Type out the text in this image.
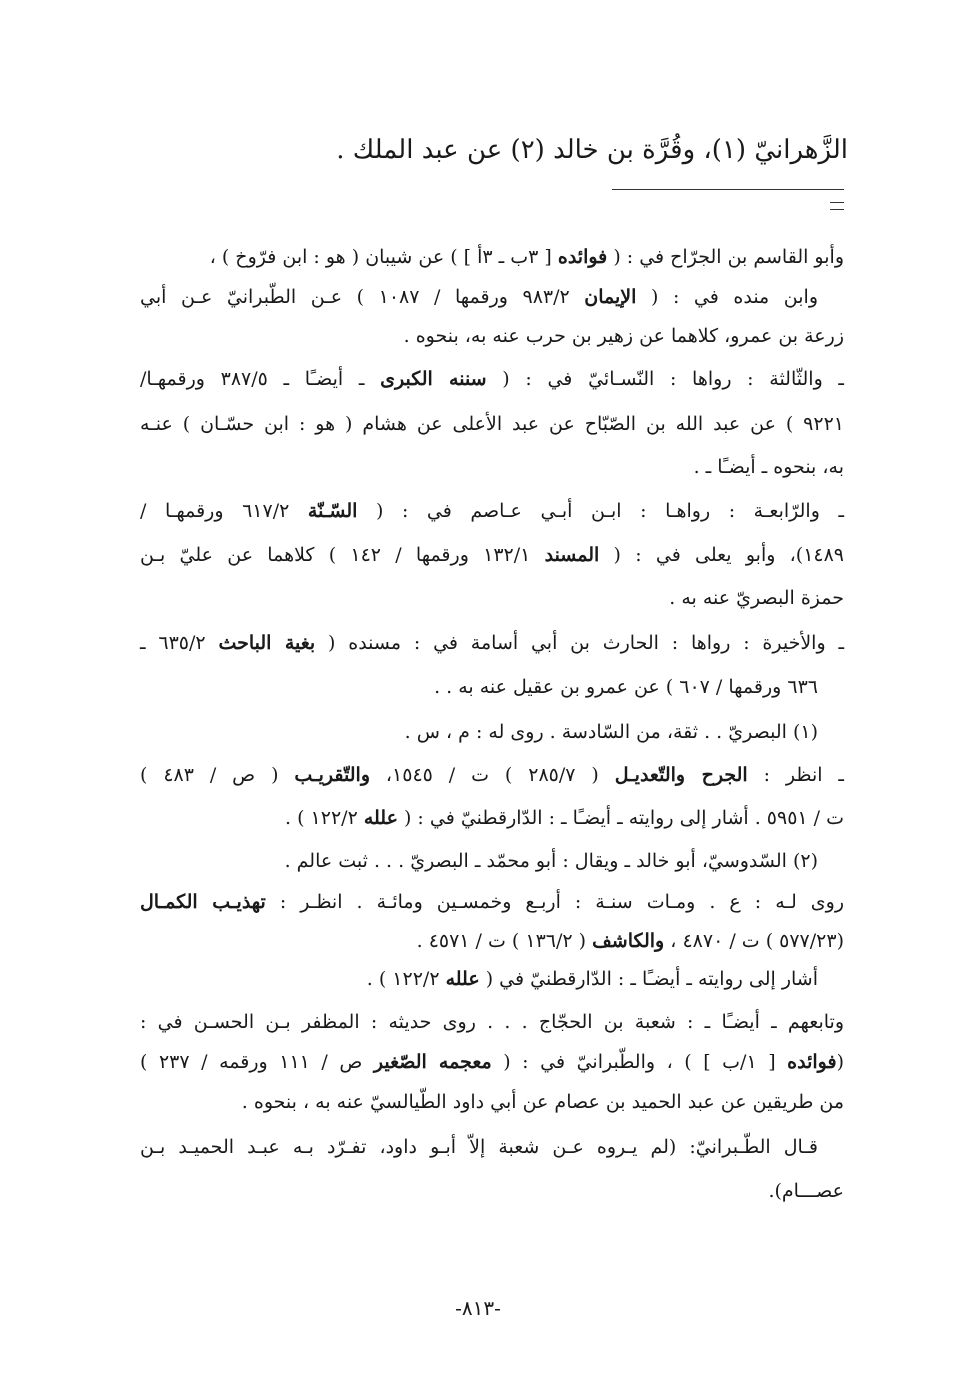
الزَّهرانيّ (١)، وقُرَّة بن خالد (٢) عن عبد الملك .
وأبو القاسم بن الجرّاح في : ( فوائده [ ٣ب ـ ٣أ ] ) عن شيبان ( هو : ابن فرّوخ ) ،
وابن منده في : ( الإيمان ٩٨٣/٢ ورقمها / ١٠٨٧ ) عـن الطّبرانيّ عـن أبي
زرعة بن عمرو، كلاهما عن زهير بن حرب عنه به، بنحوه .
ـ والثّالثة : رواها : النّسـائيّ في : ( سننه الكبرى ـ أيضـًا ـ ٣٨٧/٥ ورقمهـا/
٩٢٢١ ) عن عبد الله بن الصّبّاح عن عبد الأعلى عن هشام ( هو : ابن حسّـان ) عنـه
به، بنحوه ـ أيضـًا ـ .
ـ والرّابعـة : رواهـا : ابـن أبـي عـاصم في : ( السّـنّة ٦١٧/٢ ورقمهـا /
١٤٨٩)، وأبو يعلى في : ( المسند ١٣٢/١ ورقمها / ١٤٢ ) كلاهما عن عليّ بـن
حمزة البصريّ عنه به .
ـ والأخيرة : رواها : الحارث بن أبي أسامة في : مسنده ( بغية الباحث ٦٣٥/٢ ـ
٦٣٦ ورقمها / ٦٠٧ ) عن عمرو بن عقيل عنه به . .
(١) البصريّ . . ثقة، من السّادسة . روى له : م ، س .
ـ انظر : الجرح والتّعديـل ( ٢٨٥/٧ ) ت / ١٥٤٥، والتّقريـب ( ص / ٤٨٣ )
ت / ٥٩٥١ . أشار إلى روايته ـ أيضـًا ـ : الدّارقطنيّ في : ( علله ١٢٢/٢ ) .
(٢) السّدوسيّ، أبو خالد ـ ويقال : أبو محمّد ـ البصريّ . . . ثبت عالم .
روى لـه : ع . ومـات سنـة : أربـع وخمسـين ومائـة . انظـر : تهذيـب الكمـال
(٥٧٧/٢٣ ) ت / ٤٨٧٠ ، والكاشف ( ١٣٦/٢ ) ت / ٤٥٧١ .
أشار إلى روايته ـ أيضـًا ـ : الدّارقطنيّ في ( علله ١٢٢/٢ ) .
وتابعهم ـ أيضـًا ـ : شعبة بن الحجّاج . . . روى حديثه : المظفر بـن الحسـن في :
(فوائده [ ١/ب ] ) ، والطّبرانيّ في : ( معجمه الصّغير ص / ١١١ ورقمه / ٢٣٧ )
من طريقين عن عبد الحميد بن عصام عن أبي داود الطّيالسيّ عنه به ، بنحوه .
قـال الطّـبرانيّ: (لم يـروه عـن شعبة إلاّ أبـو داود، تفـرّد بـه عبـد الحميـد بـن
عصـــام).
-٨١٣-
